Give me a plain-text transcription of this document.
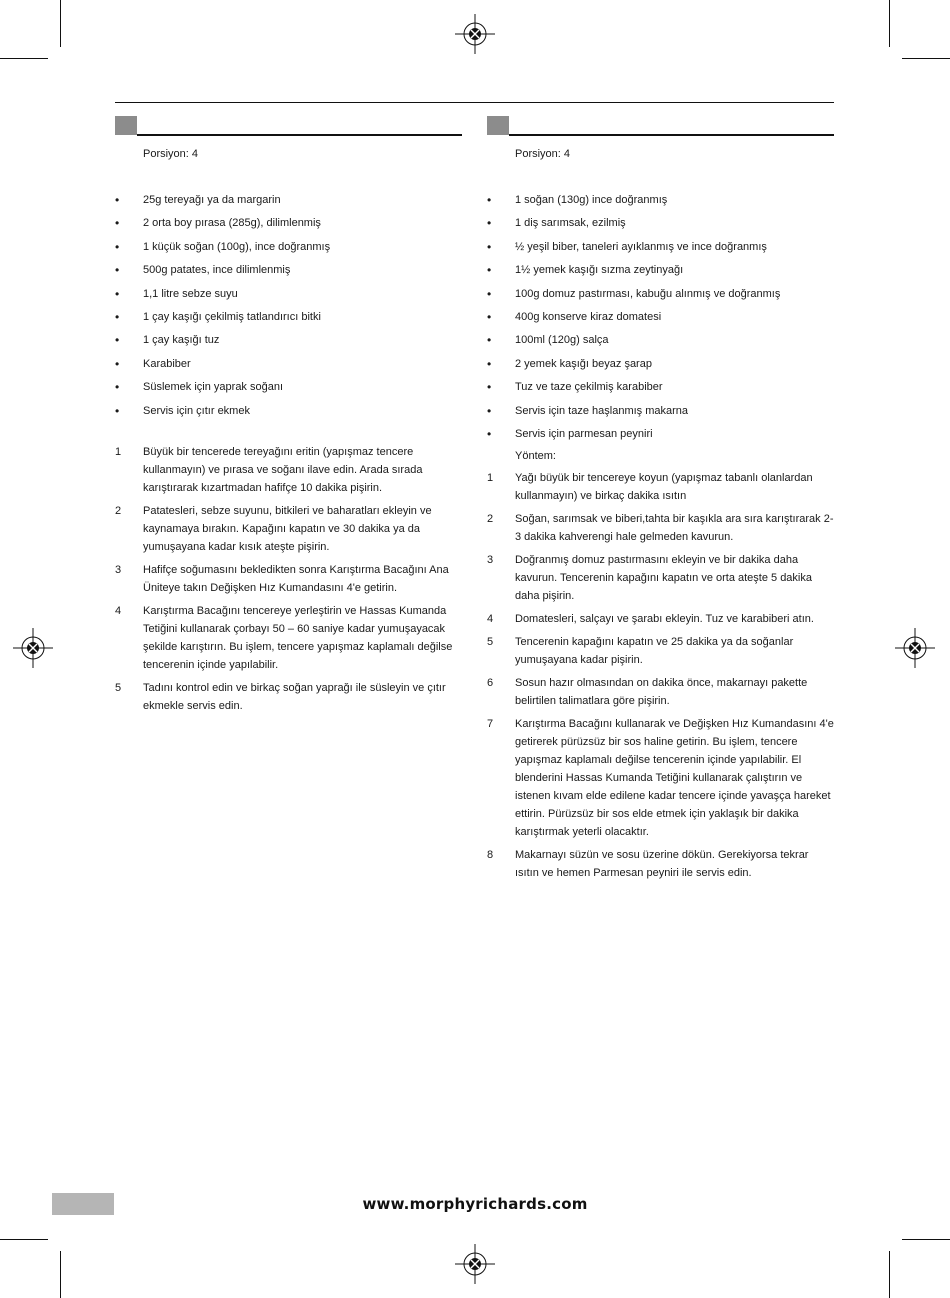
Porsiyon: 4
• 25g tereyağı ya da margarin
• 2 orta boy pırasa (285g), dilimlenmiş
• 1 küçük soğan (100g), ince doğranmış
• 500g patates, ince dilimlenmiş
• 1,1 litre sebze suyu
• 1 çay kaşığı çekilmiş tatlandırıcı bitki
• 1 çay kaşığı tuz
• Karabiber
• Süslemek için yaprak soğanı
• Servis için çıtır ekmek
1 Büyük bir tencerede tereyağını eritin (yapışmaz tencere kullanmayın) ve pırasa ve soğanı ilave edin. Arada sırada karıştırarak kızartmadan hafifçe 10 dakika pişirin.
2 Patatesleri, sebze suyunu, bitkileri ve baharatları ekleyin ve kaynamaya bırakın. Kapağını kapatın ve 30 dakika ya da yumuşayana kadar kısık ateşte pişirin.
3 Hafifçe soğumasını bekledikten sonra Karıştırma Bacağını Ana Üniteye takın Değişken Hız Kumandasını 4'e getirin.
4 Karıştırma Bacağını tencereye yerleştirin ve Hassas Kumanda Tetiğini kullanarak çorbayı 50 – 60 saniye kadar yumuşayacak şekilde karıştırın. Bu işlem, tencere yapışmaz kaplamalı değilse tencerenin içinde yapılabilir.
5 Tadını kontrol edin ve birkaç soğan yaprağı ile süsleyin ve çıtır ekmekle servis edin.
Porsiyon: 4
• 1 soğan (130g) ince doğranmış
• 1 diş sarımsak, ezilmiş
• ½ yeşil biber, taneleri ayıklanmış ve ince doğranmış
• 1½ yemek kaşığı sızma zeytinyağı
• 100g domuz pastırması, kabuğu alınmış ve doğranmış
• 400g konserve kiraz domatesi
• 100ml (120g) salça
• 2 yemek kaşığı beyaz şarap
• Tuz ve taze çekilmiş karabiber
• Servis için taze haşlanmış makarna
• Servis için parmesan peyniri
Yöntem:
1 Yağı büyük bir tencereye koyun (yapışmaz tabanlı olanlardan kullanmayın) ve birkaç dakika ısıtın
2 Soğan, sarımsak ve biberi,tahta bir kaşıkla ara sıra karıştırarak 2-3 dakika kahverengi hale gelmeden kavurun.
3 Doğranmış domuz pastırmasını ekleyin ve bir dakika daha kavurun. Tencerenin kapağını kapatın ve orta ateşte 5 dakika daha pişirin.
4 Domatesleri, salçayı ve şarabı ekleyin. Tuz ve karabiberi atın.
5 Tencerenin kapağını kapatın ve 25 dakika ya da soğanlar yumuşayana kadar pişirin.
6 Sosun hazır olmasından on dakika önce, makarnayı pakette belirtilen talimatlara göre pişirin.
7 Karıştırma Bacağını kullanarak ve Değişken Hız Kumandasını 4'e getirerek pürüzsüz bir sos haline getirin. Bu işlem, tencere yapışmaz kaplamalı değilse tencerenin içinde yapılabilir. El blenderini Hassas Kumanda Tetiğini kullanarak çalıştırın ve istenen kıvam elde edilene kadar tencere içinde yavaşça hareket ettirin. Pürüzsüz bir sos elde etmek için yaklaşık bir dakika karıştırmak yeterli olacaktır.
8 Makarnayı süzün ve sosu üzerine dökün. Gerekiyorsa tekrar ısıtın ve hemen Parmesan peyniri ile servis edin.
www.morphyrichards.com
